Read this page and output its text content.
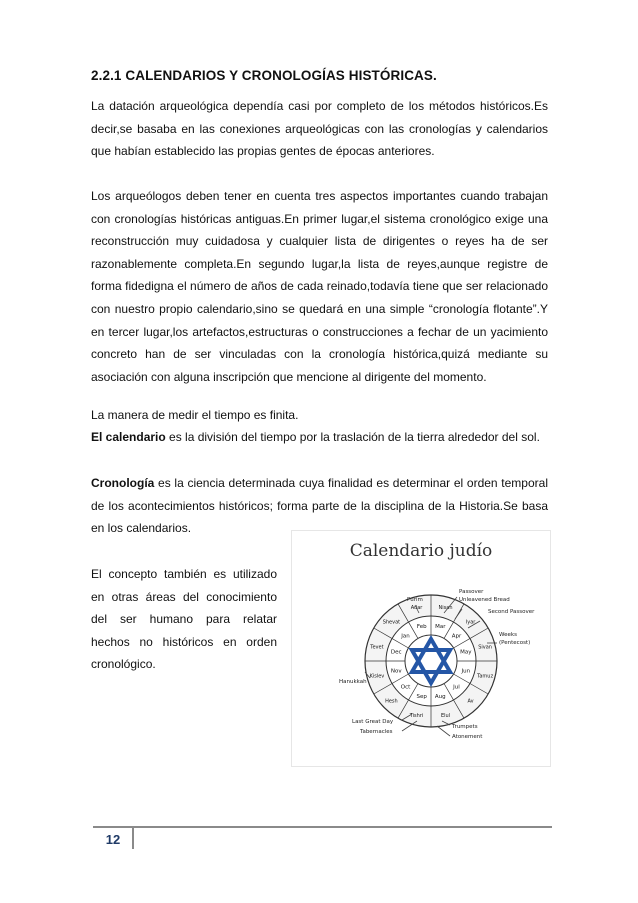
2.2.1 CALENDARIOS Y CRONOLOGÍAS HISTÓRICAS.

La datación arqueológica dependía casi por completo de los métodos históricos.Es decir,se basaba en las conexiones arqueológicas con las cronologías y calendarios que habían establecido las propias gentes de épocas anteriores.

Los arqueólogos deben tener en cuenta tres aspectos importantes cuando trabajan con cronologías históricas antiguas.En primer lugar,el sistema cronológico exige una reconstrucción muy cuidadosa y cualquier lista de dirigentes o reyes ha de ser razonablemente completa.En segundo lugar,la lista de reyes,aunque registre de forma fidedigna el número de años de cada reinado,todavía tiene que ser relacionado con nuestro propio calendario,sino se quedará en una simple “cronología flotante”.Y en tercer lugar,los artefactos,estructuras o construcciones a fechar de un yacimiento concreto han de ser vinculadas con la cronología histórica,quizá mediante su asociación con alguna inscripción que mencione al dirigente del momento.

La manera de medir el tiempo es finita.

El calendario es la división del tiempo por la traslación de la tierra alrededor del sol.

Cronología es la ciencia determinada cuya finalidad es determinar el orden temporal de los acontecimientos históricos; forma parte de la disciplina de la Historia.Se basa en los calendarios.

El concepto también es utilizado en otras áreas del conocimiento del ser humano para relatar hechos no históricos en orden cronológico.

Calendario judío
Nisan
Mar
Iyar
Apr
Sivan
May
Tamuz
Jun
Av
Jul
Elul
Aug
Tishri
Sep
Hesh
Oct
Kislev
Nov
Tevet
Dec
Shevat
Jan
Adar
Feb
Purim
Passover
Unleavened Bread
Second Passover
Weeks
(Pentecost)
Hanukkah
Last Great Day
Tabernacles
Trumpets
Atonement
12
